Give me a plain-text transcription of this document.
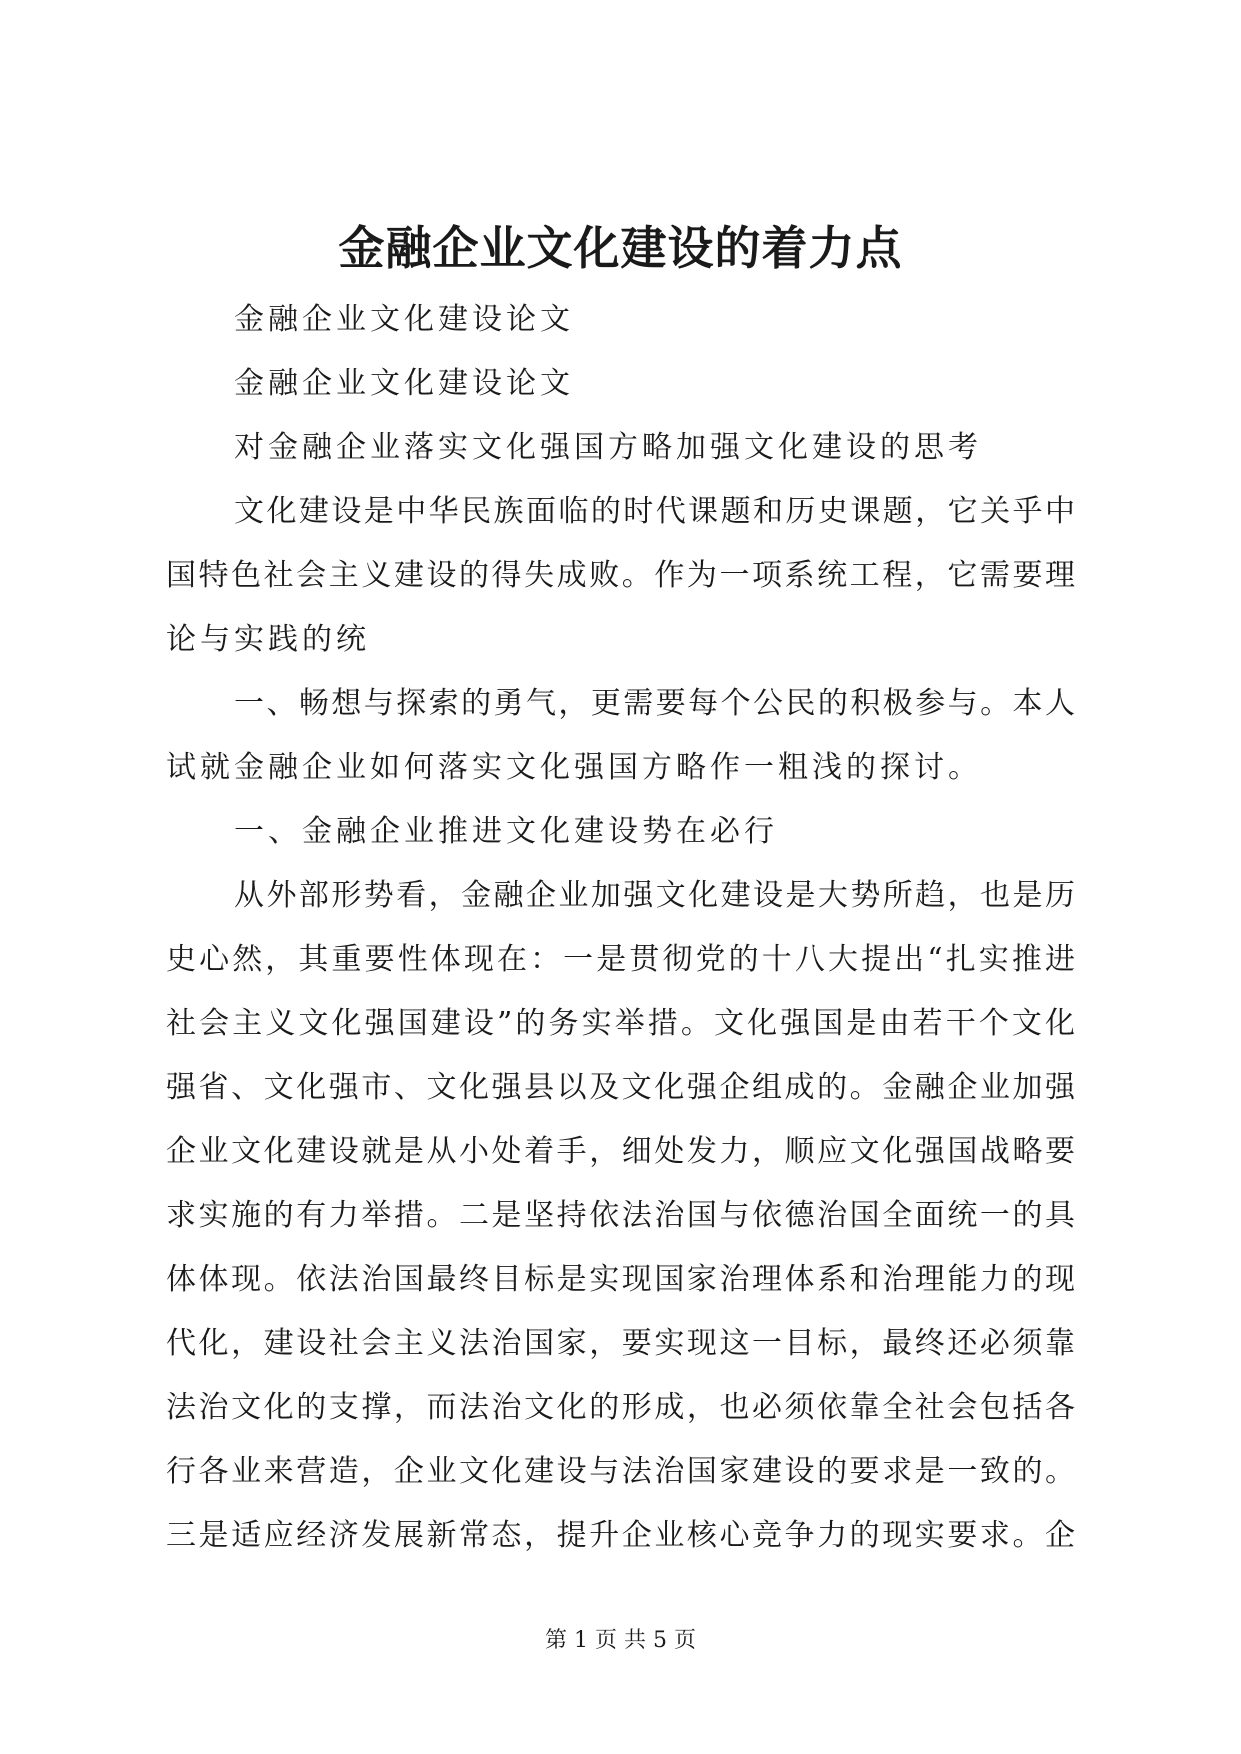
金融企业文化建设的着力点
金融企业文化建设论文
金融企业文化建设论文
对金融企业落实文化强国方略加强文化建设的思考
文化建设是中华民族面临的时代课题和历史课题，它关乎中
国特色社会主义建设的得失成败。作为一项系统工程，它需要理
论与实践的统
一、畅想与探索的勇气，更需要每个公民的积极参与。本人
试就金融企业如何落实文化强国方略作一粗浅的探讨。
一、金融企业推进文化建设势在必行
从外部形势看，金融企业加强文化建设是大势所趋，也是历
史心然，其重要性体现在：一是贯彻党的十八大提出“扎实推进
社会主义文化强国建设”的务实举措。文化强国是由若干个文化
强省、文化强市、文化强县以及文化强企组成的。金融企业加强
企业文化建设就是从小处着手，细处发力，顺应文化强国战略要
求实施的有力举措。二是坚持依法治国与依德治国全面统一的具
体体现。依法治国最终目标是实现国家治理体系和治理能力的现
代化，建设社会主义法治国家，要实现这一目标，最终还必须靠
法治文化的支撑，而法治文化的形成，也必须依靠全社会包括各
行各业来营造，企业文化建设与法治国家建设的要求是一致的。
三是适应经济发展新常态，提升企业核心竞争力的现实要求。企
第 1 页 共 5 页
